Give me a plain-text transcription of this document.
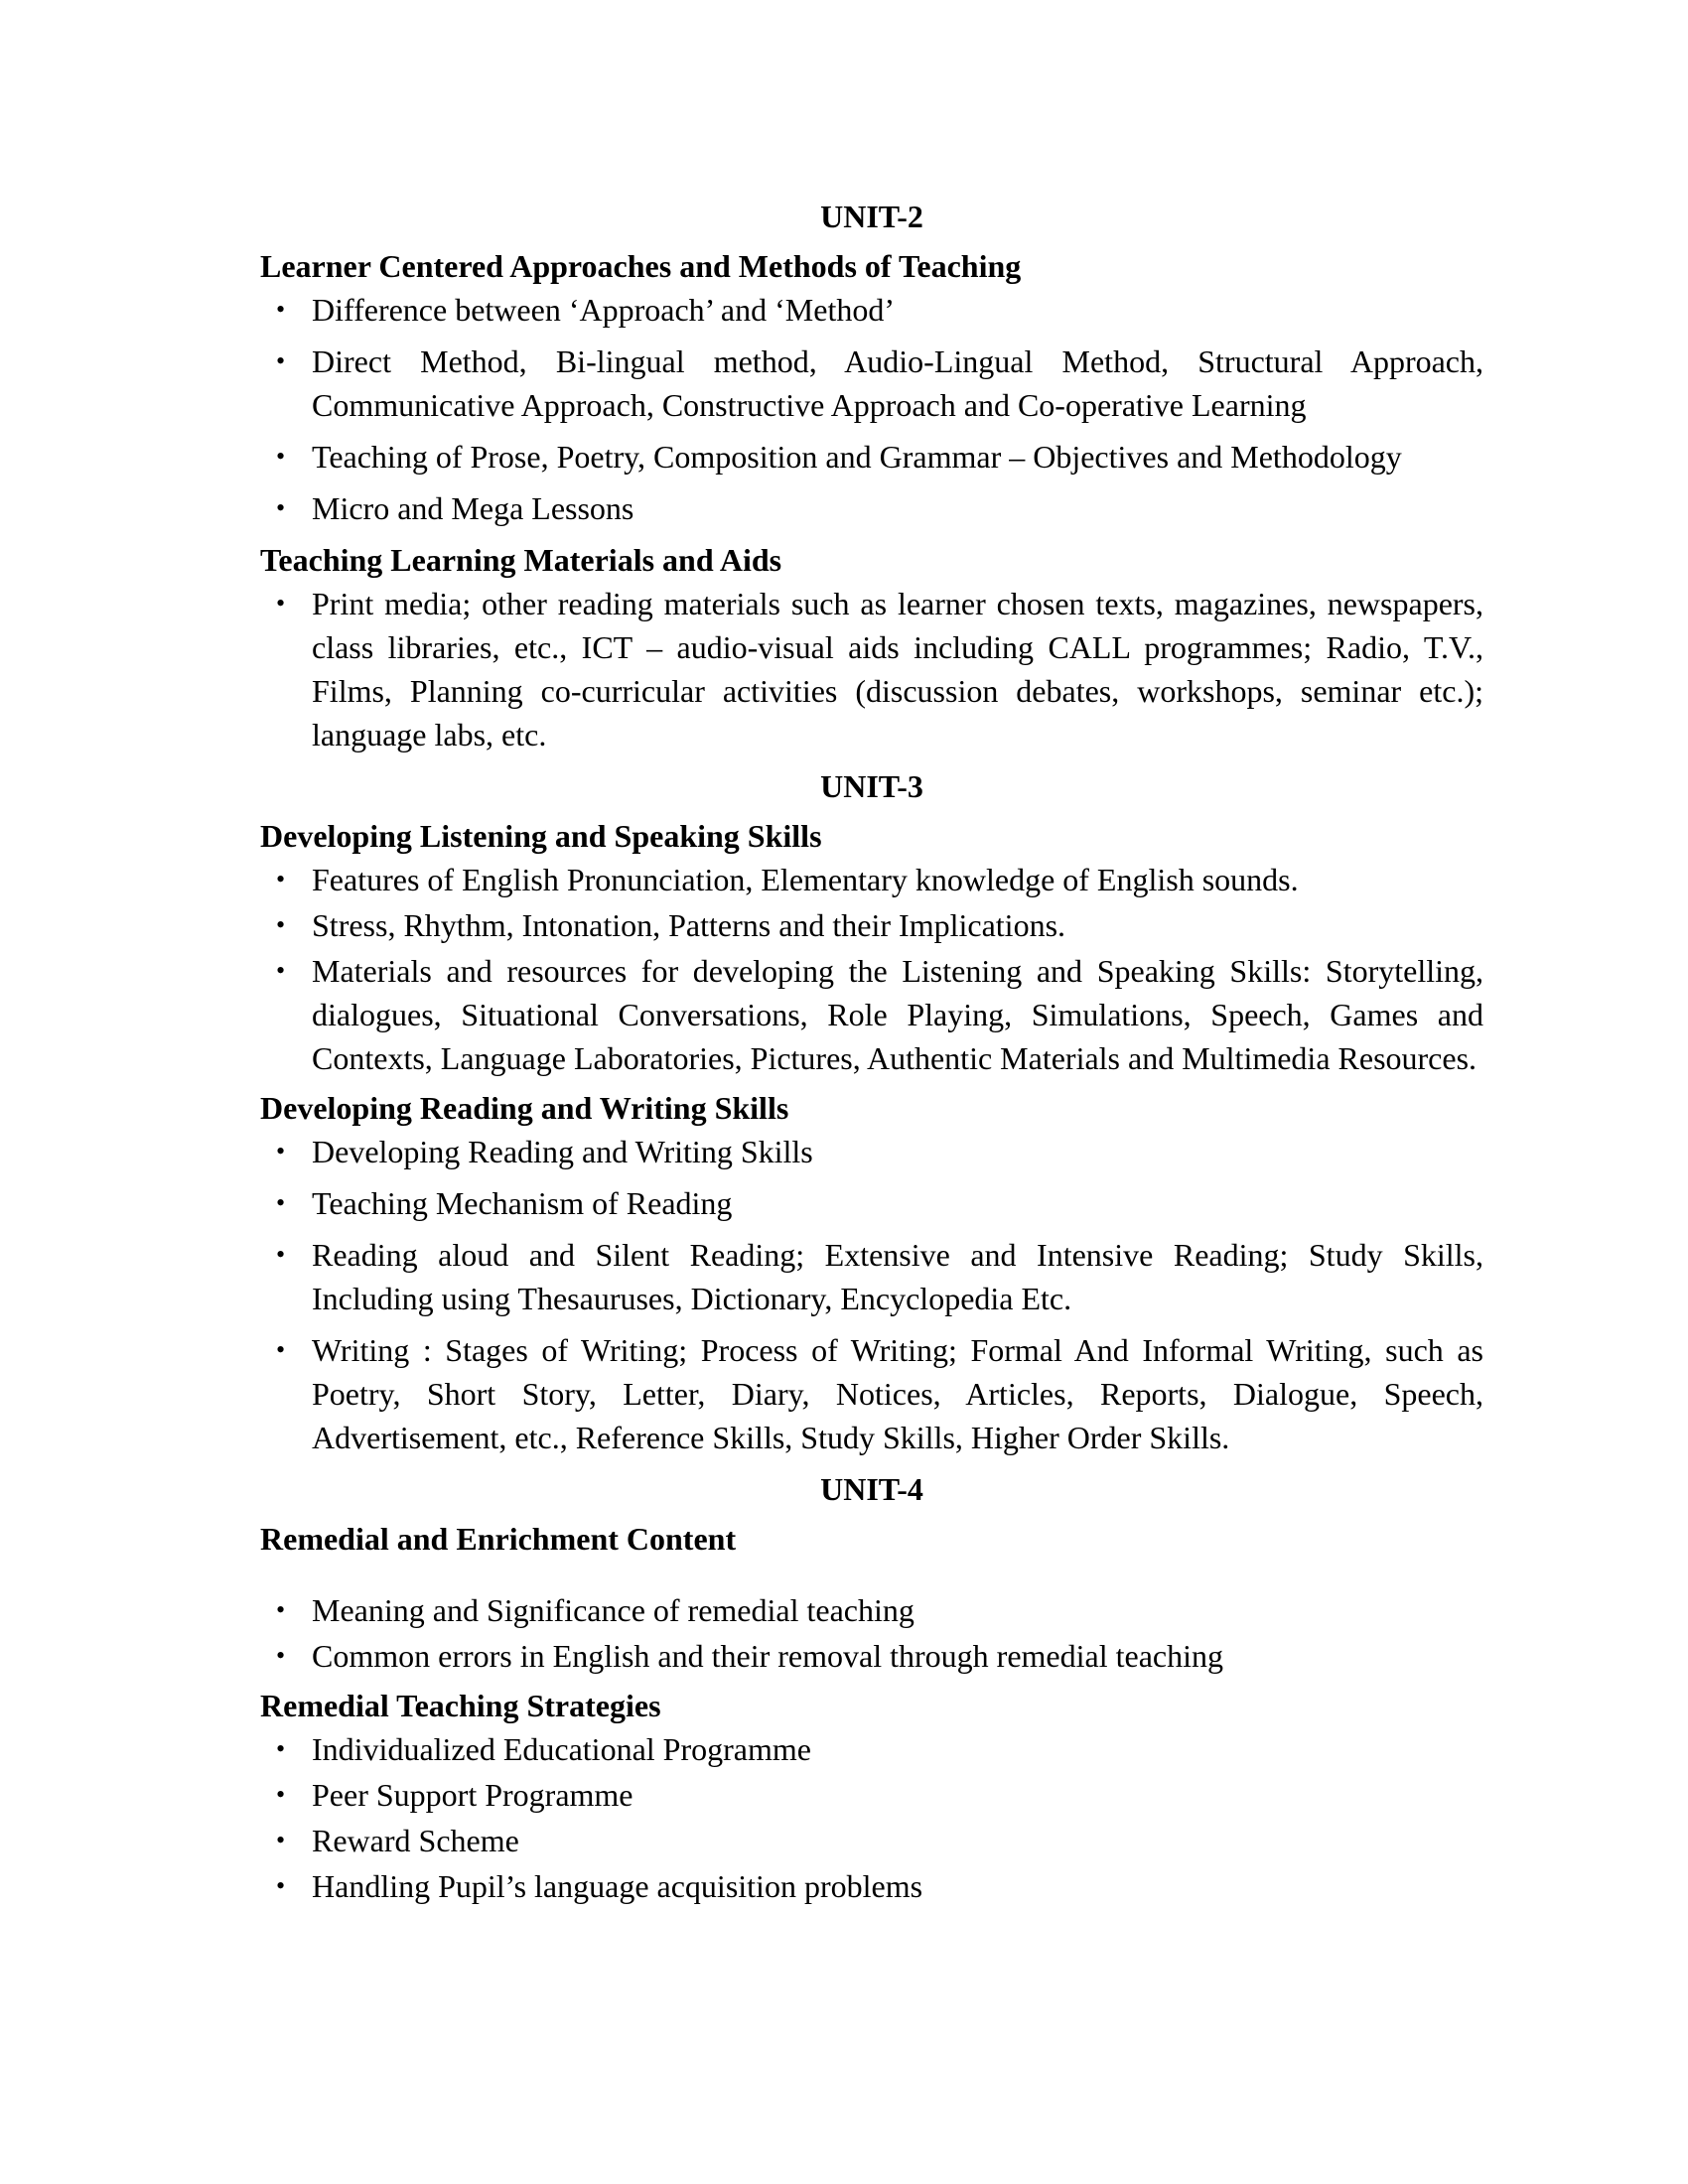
UNIT-2
Learner Centered Approaches and Methods of Teaching
• Difference between ‘Approach’ and ‘Method’
• Direct Method, Bi-lingual method, Audio-Lingual Method, Structural Approach, Communicative Approach, Constructive Approach and Co-operative Learning
• Teaching of Prose, Poetry, Composition and Grammar – Objectives and Methodology
• Micro and Mega Lessons
Teaching Learning Materials and Aids
• Print media; other reading materials such as learner chosen texts, magazines, newspapers, class libraries, etc., ICT – audio-visual aids including CALL programmes; Radio, T.V., Films, Planning co-curricular activities (discussion debates, workshops, seminar etc.); language labs, etc.
UNIT-3
Developing Listening and Speaking Skills
• Features of English Pronunciation, Elementary knowledge of English sounds.
• Stress, Rhythm, Intonation, Patterns and their Implications.
• Materials and resources for developing the Listening and Speaking Skills: Storytelling, dialogues, Situational Conversations, Role Playing, Simulations, Speech, Games and Contexts, Language Laboratories, Pictures, Authentic Materials and Multimedia Resources.
Developing Reading and Writing Skills
• Developing Reading and Writing Skills
• Teaching Mechanism of Reading
• Reading aloud and Silent Reading; Extensive and Intensive Reading; Study Skills, Including using Thesauruses, Dictionary, Encyclopedia Etc.
• Writing : Stages of Writing; Process of Writing; Formal And Informal Writing, such as Poetry, Short Story, Letter, Diary, Notices, Articles, Reports, Dialogue, Speech, Advertisement, etc., Reference Skills, Study Skills, Higher Order Skills.
UNIT-4
Remedial and Enrichment Content
• Meaning and Significance of remedial teaching
• Common errors in English and their removal through remedial teaching
Remedial Teaching Strategies
• Individualized Educational Programme
• Peer Support Programme
• Reward Scheme
• Handling Pupil’s language acquisition problems
